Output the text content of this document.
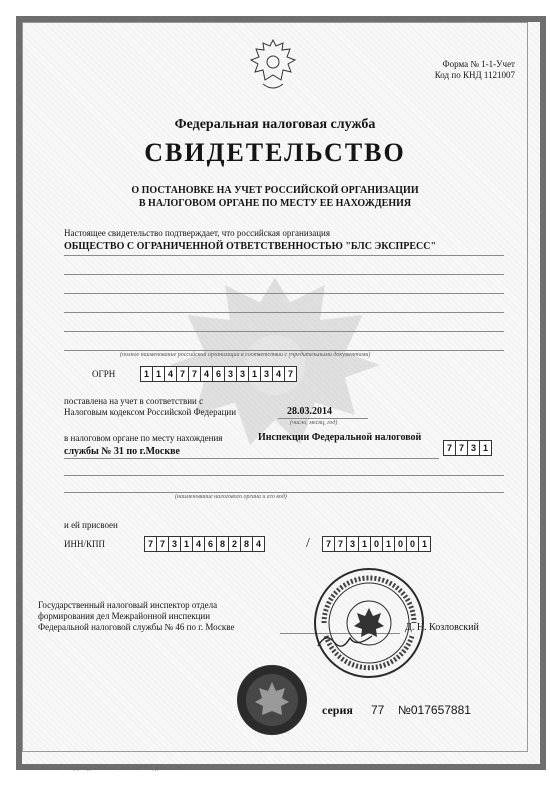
Форма № 1-1-Учет
Код по КНД 1121007
Федеральная налоговая служба
СВИДЕТЕЛЬСТВО
О ПОСТАНОВКЕ НА УЧЕТ РОССИЙСКОЙ ОРГАНИЗАЦИИ
В НАЛОГОВОМ ОРГАНЕ ПО МЕСТУ ЕЕ НАХОЖДЕНИЯ
Настоящее свидетельство подтверждает, что российская организация
ОБЩЕСТВО С ОГРАНИЧЕННОЙ ОТВЕТСТВЕННОСТЬЮ "БЛС ЭКСПРЕСС"
(полное наименование российской организации в соответствии с учредительными документами)
ОГРН	1 1 4 7 7 4 6 3 3 1 3 4 7
поставлена на учет в соответствии с
Налоговым кодексом Российской Федерации	28.03.2014
(число, месяц, год)
в налоговом органе по месту нахождения	Инспекции Федеральной налоговой
службы № 31 по г.Москве	7 7 3 1
(наименование налогового органа и его код)
и ей присвоен
ИНН/КПП	7 7 3 1 4 6 8 2 8 4	/	7 7 3 1 0 1 0 0 1
Государственный налоговый инспектор отдела
формирования дел Межрайонной инспекции
Федеральной налоговой службы № 46 по г. Москве	Д. Н. Козловский
серия 77 №017657881
ООО «Печатные мануфактуры Гознака», Москва, 2013, уровень «В»
